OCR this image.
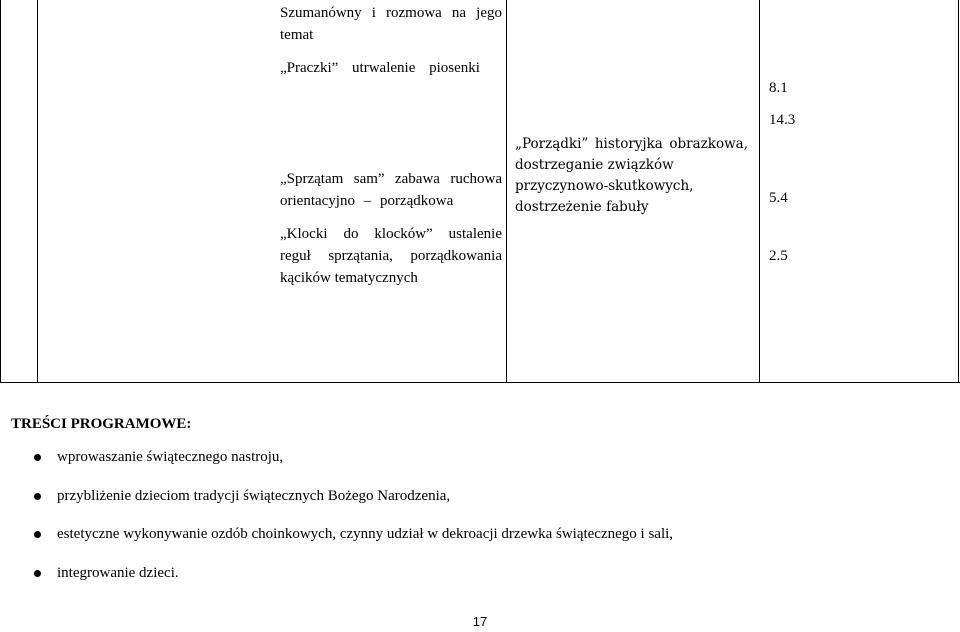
Szumanówny i rozmowa na jego
temat
„Praczki” utrwalenie piosenki
„Sprzątam sam” zabawa ruchowa
orientacyjno – porządkowa
„Klocki do klocków” ustalenie
reguł sprzątania, porządkowania
kącików tematycznych
„Porządki” historyjka obrazkowa,
dostrzeganie związków
przyczynowo-skutkowych,
dostrzeżenie fabuły
8.1
14.3
5.4
2.5
TREŚCI PROGRAMOWE:
wprowaszanie świątecznego nastroju,
przybliżenie dzieciom tradycji świątecznych Bożego Narodzenia,
estetyczne wykonywanie ozdób choinkowych, czynny udział w dekroacji drzewka świątecznego i sali,
integrowanie dzieci.
17
